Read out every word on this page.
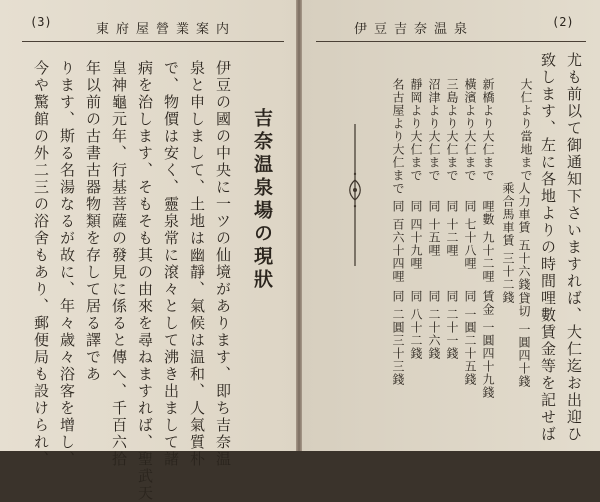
(3)	東府屋營業案内
吉奈温泉場の現狀
伊豆の國の中央に一ツの仙境があります、即ち吉奈温
泉と申しまして、土地は幽靜、氣候は温和、人氣質朴
で、物價は安く、靈泉常に滾々として沸き出まして諸
病を治します、そもそも其の由來を尋ねますれば、聖武天
皇神龜元年、行基菩薩の發見に係ると傳へ、千百六拾
年以前の古書古器物類を存して居る譯であ
ります、斯る名湯なるが故に、年々歳々浴客を增し、
今や驚館の外二三の浴舍もあり、郵便局も設けられ、
伊豆吉奈温泉	(2)
尤も前以て御通知下さいますれば、大仁迄お出迎ひ
致します、左に各地よりの時間哩數賃金等を記せば
大仁より當地まで
人力車賃 五十六錢
乘合馬車賃 三十二錢
貸切 一圓四十錢
新橋より大仁まで
哩數 九十二哩
賃金 一圓四十九錢
橫濱より大仁まで
同 七十八哩
同 一圓二十五錢
三島より大仁まで
同 十二哩
同 二十一錢
沼津より大仁まで
同 十五哩
同 二十六錢
靜岡より大仁まで
同 四十九哩
同 八十二錢
名古屋より大仁まで
同 百六十四哩
同 二圓三十三錢
